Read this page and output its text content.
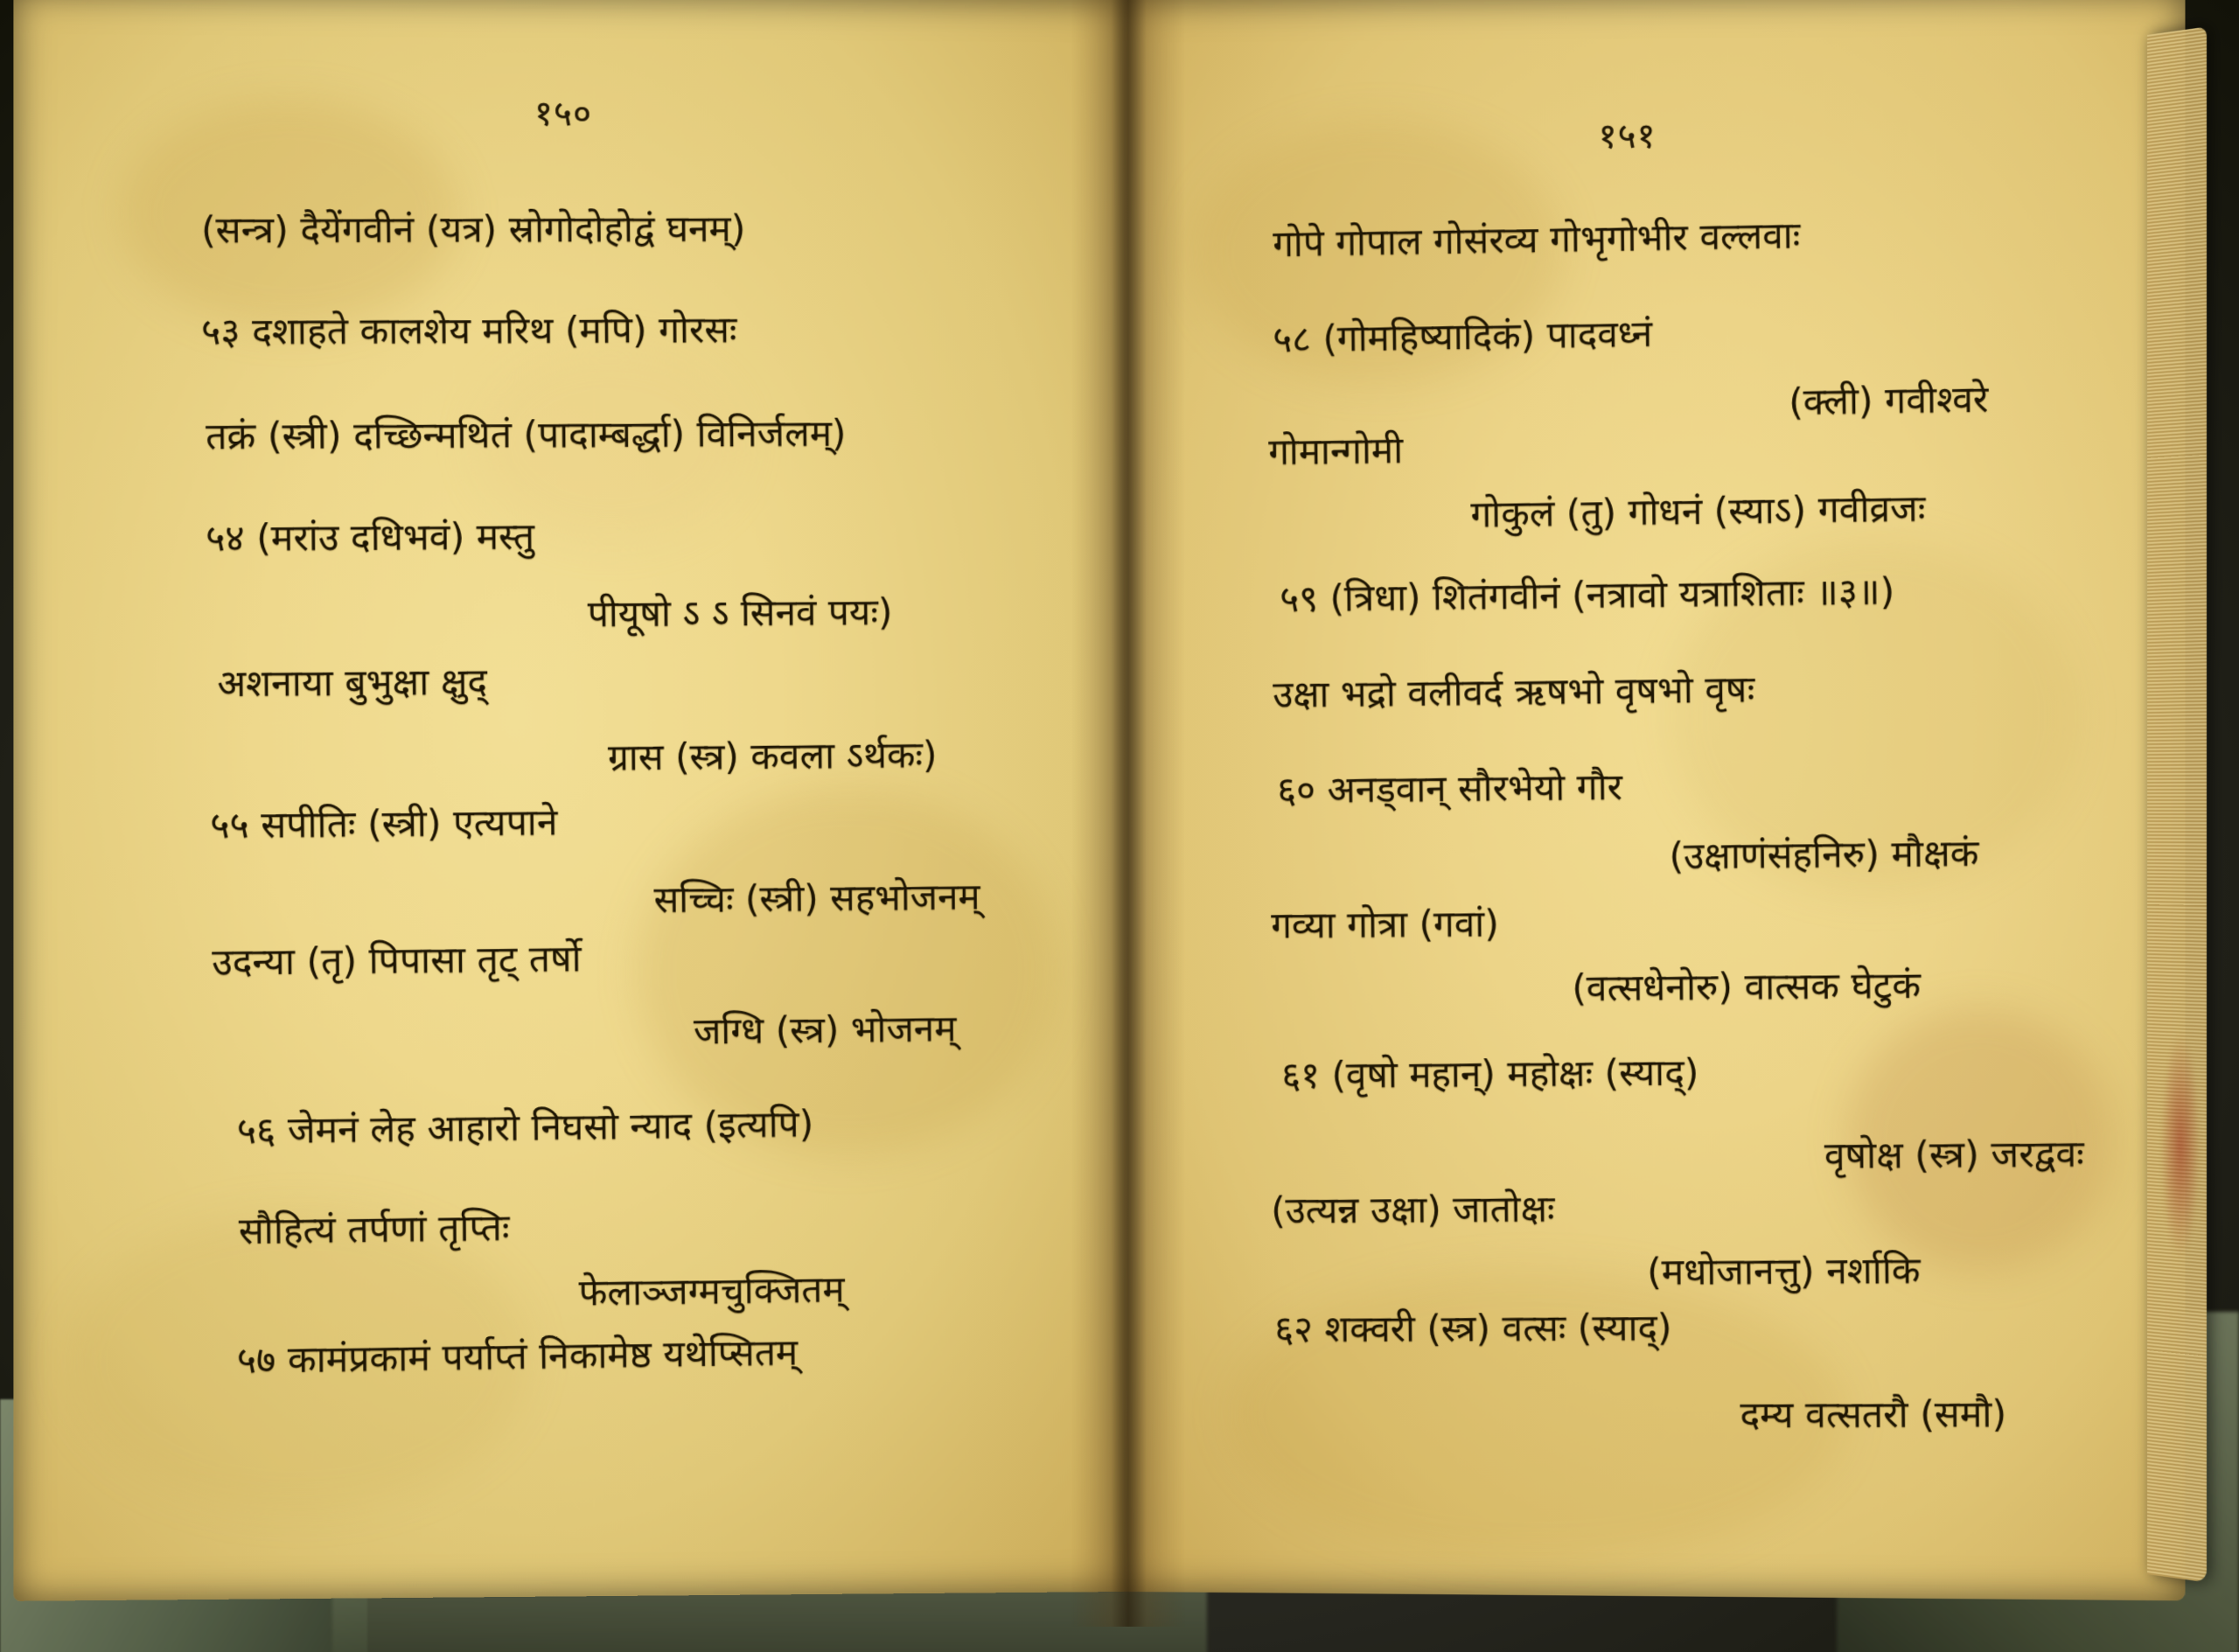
१५०
(सन्त्र) दैयेंगवीनं (यत्र) स्रोगोदोहोद्वं घनम्)
५३ दशाहते कालशेय मरिथ (मपि) गोरसः
तक्रं (स्त्री) दच्छिन्मथितं (पादाम्बर्द्धा) विनिर्जलम्)
५४ (मरांउ दधिभवं) मस्तु
पीयूषो ऽ ऽ सिनवं पयः)
अशनाया बुभुक्षा क्षुद्
ग्रास (स्त्र) कवला ऽर्थकः)
५५ सपीतिः (स्त्री) एत्यपाने
सच्चिः (स्त्री) सहभोजनम्
उदन्या (तृ) पिपासा तृट् तर्षो
जग्धि (स्त्र) भोजनम्
५६ जेमनं लेह आहारो निघसो न्याद (इत्यपि)
सौहित्यं तर्पणां तृप्तिः
फेलाञ्जग्मचुक्जितम्
५७ कामंप्रकामं पर्याप्तं निकामेष्ठ यथेप्सितम्
१५१
गोपे गोपाल गोसंरव्य गोभृगोभीर वल्लवाः
५८ (गोमहिष्यादिकं) पादवध्नं
(क्ली) गवीश्वरे
गोमान्गोमी
गोकुलं (तु) गोधनं (स्याऽ) गवीव्रजः
५९ (त्रिधा) शितंगवीनं (नत्रावो यत्राशिताः ॥३॥)
उक्षा भद्रो वलीवर्द ऋषभो वृषभो वृषः
६० अनड्वान् सौरभेयो गौर
(उक्षाणंसंहनिरु) मौक्षकं
गव्या गोत्रा (गवां)
(वत्सधेनोरु) वात्सक घेटुकं
६१ (वृषो महान्) महोक्षः (स्याद्)
वृषोक्ष (स्त्र) जरद्ववः
(उत्यन्न उक्षा) जातोक्षः
(मधोजानत्तु) नर्शाकि
६२ शक्वरी (स्त्र) वत्सः (स्याद्)
दम्य वत्सतरौ (समौ)
